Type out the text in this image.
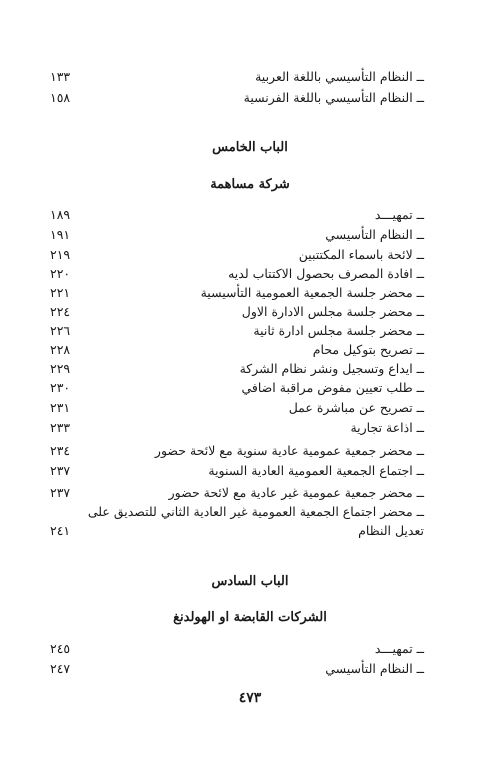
ــ النظام التأسيسي باللغة العربية
١٣٣
ــ النظام التأسيسي باللغة الفرنسية
١٥٨
الباب الخامس
شركة مساهمة
ــ تمهيـــد
١٨٩
ــ النظام التأسيسي
١٩١
ــ لائحة باسماء المكتتبين
٢١٩
ــ افادة المصرف بحصول الاكتتاب لديه
٢٢٠
ــ محضر جلسة الجمعية العمومية التأسيسية
٢٢١
ــ محضر جلسة مجلس الادارة الاول
٢٢٤
ــ محضر جلسة مجلس ادارة ثانية
٢٢٦
ــ تصريح بتوكيل محام
٢٢٨
ــ ايداع وتسجيل ونشر نظام الشركة
٢٢٩
ــ طلب تعيين مفوض مراقبة اضافي
٢٣٠
ــ تصريح عن مباشرة عمل
٢٣١
ــ اذاعة تجارية
٢٣٣
ــ محضر جمعية عمومية عادية سنوية مع لائحة حضور
٢٣٤
ــ اجتماع الجمعية العمومية العادية السنوية
٢٣٧
ــ محضر جمعية عمومية غير عادية مع لائحة حضور
٢٣٧
ــ محضر اجتماع الجمعية العمومية غير العادية الثاني للتصديق على تعديل النظام
٢٤١
الباب السادس
الشركات القابضة او الهولدنغ
ــ تمهيـــد
٢٤٥
ــ النظام التأسيسي
٢٤٧
٤٧٣
